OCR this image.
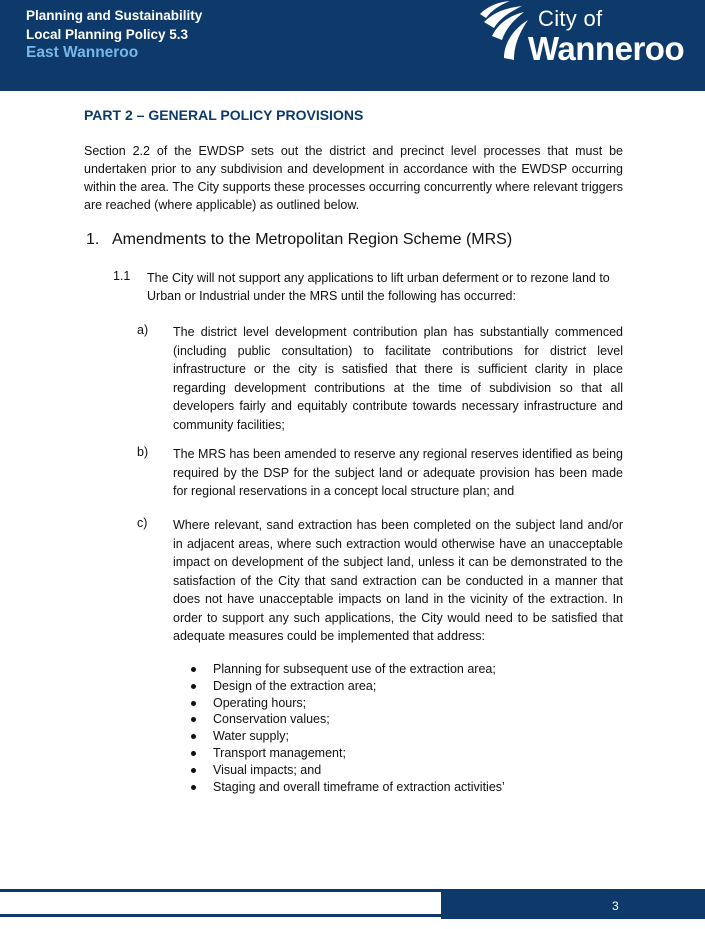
Planning and Sustainability
Local Planning Policy 5.3
East Wanneroo
City of
Wanneroo
PART 2 – GENERAL POLICY PROVISIONS
Section 2.2 of the EWDSP sets out the district and precinct level processes that must be undertaken prior to any subdivision and development in accordance with the EWDSP occurring within the area. The City supports these processes occurring concurrently where relevant triggers are reached (where applicable) as outlined below.
1. Amendments to the Metropolitan Region Scheme (MRS)
1.1 The City will not support any applications to lift urban deferment or to rezone land to Urban or Industrial under the MRS until the following has occurred:
a) The district level development contribution plan has substantially commenced (including public consultation) to facilitate contributions for district level infrastructure or the city is satisfied that there is sufficient clarity in place regarding development contributions at the time of subdivision so that all developers fairly and equitably contribute towards necessary infrastructure and community facilities;
b) The MRS has been amended to reserve any regional reserves identified as being required by the DSP for the subject land or adequate provision has been made for regional reservations in a concept local structure plan; and
c) Where relevant, sand extraction has been completed on the subject land and/or in adjacent areas, where such extraction would otherwise have an unacceptable impact on development of the subject land, unless it can be demonstrated to the satisfaction of the City that sand extraction can be conducted in a manner that does not have unacceptable impacts on land in the vicinity of the extraction. In order to support any such applications, the City would need to be satisfied that adequate measures could be implemented that address:
Planning for subsequent use of the extraction area;
Design of the extraction area;
Operating hours;
Conservation values;
Water supply;
Transport management;
Visual impacts; and
Staging and overall timeframe of extraction activities’
3
